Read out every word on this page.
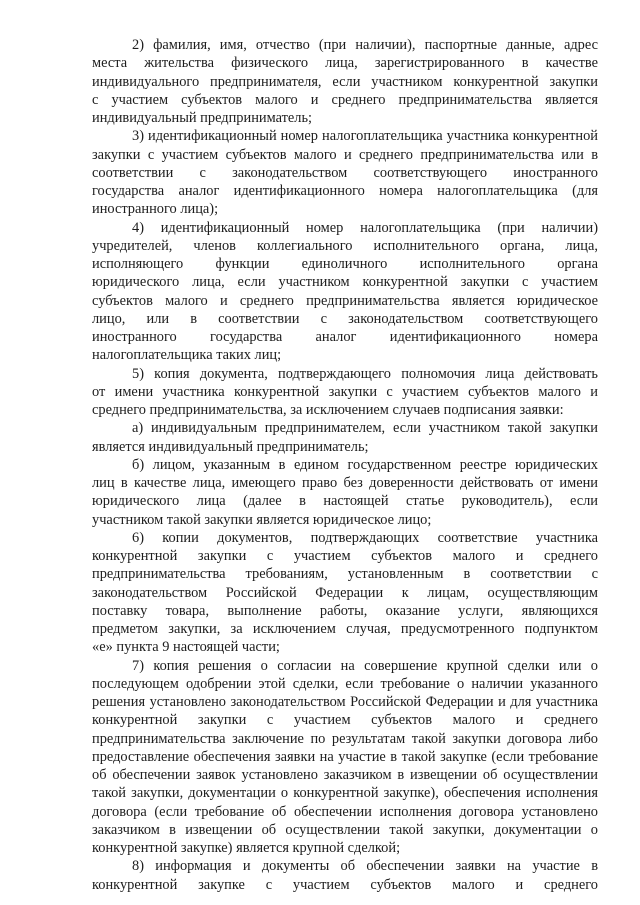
2) фамилия, имя, отчество (при наличии), паспортные данные, адрес
места жительства физического лица, зарегистрированного в качестве
индивидуального предпринимателя, если участником конкурентной закупки
с участием субъектов малого и среднего предпринимательства является
индивидуальный предприниматель;
3) идентификационный номер налогоплательщика участника конкурентной
закупки с участием субъектов малого и среднего предпринимательства или в
соответствии с законодательством соответствующего иностранного
государства аналог идентификационного номера налогоплательщика (для
иностранного лица);
4) идентификационный номер налогоплательщика (при наличии)
учредителей, членов коллегиального исполнительного органа, лица,
исполняющего функции единоличного исполнительного органа
юридического лица, если участником конкурентной закупки с участием
субъектов малого и среднего предпринимательства является юридическое
лицо, или в соответствии с законодательством соответствующего
иностранного государства аналог идентификационного номера
налогоплательщика таких лиц;
5) копия документа, подтверждающего полномочия лица действовать
от имени участника конкурентной закупки с участием субъектов малого и
среднего предпринимательства, за исключением случаев подписания заявки:
а) индивидуальным предпринимателем, если участником такой закупки
является индивидуальный предприниматель;
б) лицом, указанным в едином государственном реестре юридических
лиц в качестве лица, имеющего право без доверенности действовать от имени
юридического лица (далее в настоящей статье руководитель), если
участником такой закупки является юридическое лицо;
6) копии документов, подтверждающих соответствие участника
конкурентной закупки с участием субъектов малого и среднего
предпринимательства требованиям, установленным в соответствии с
законодательством Российской Федерации к лицам, осуществляющим
поставку товара, выполнение работы, оказание услуги, являющихся
предметом закупки, за исключением случая, предусмотренного подпунктом
«е» пункта 9 настоящей части;
7) копия решения о согласии на совершение крупной сделки или о
последующем одобрении этой сделки, если требование о наличии указанного
решения установлено законодательством Российской Федерации и для участника
конкурентной закупки с участием субъектов малого и среднего
предпринимательства заключение по результатам такой закупки договора либо
предоставление обеспечения заявки на участие в такой закупке (если требование
об обеспечении заявок установлено заказчиком в извещении об осуществлении
такой закупки, документации о конкурентной закупке), обеспечения исполнения
договора (если требование об обеспечении исполнения договора установлено
заказчиком в извещении об осуществлении такой закупки, документации о
конкурентной закупке) является крупной сделкой;
8) информация и документы об обеспечении заявки на участие в
конкурентной закупке с участием субъектов малого и среднего
